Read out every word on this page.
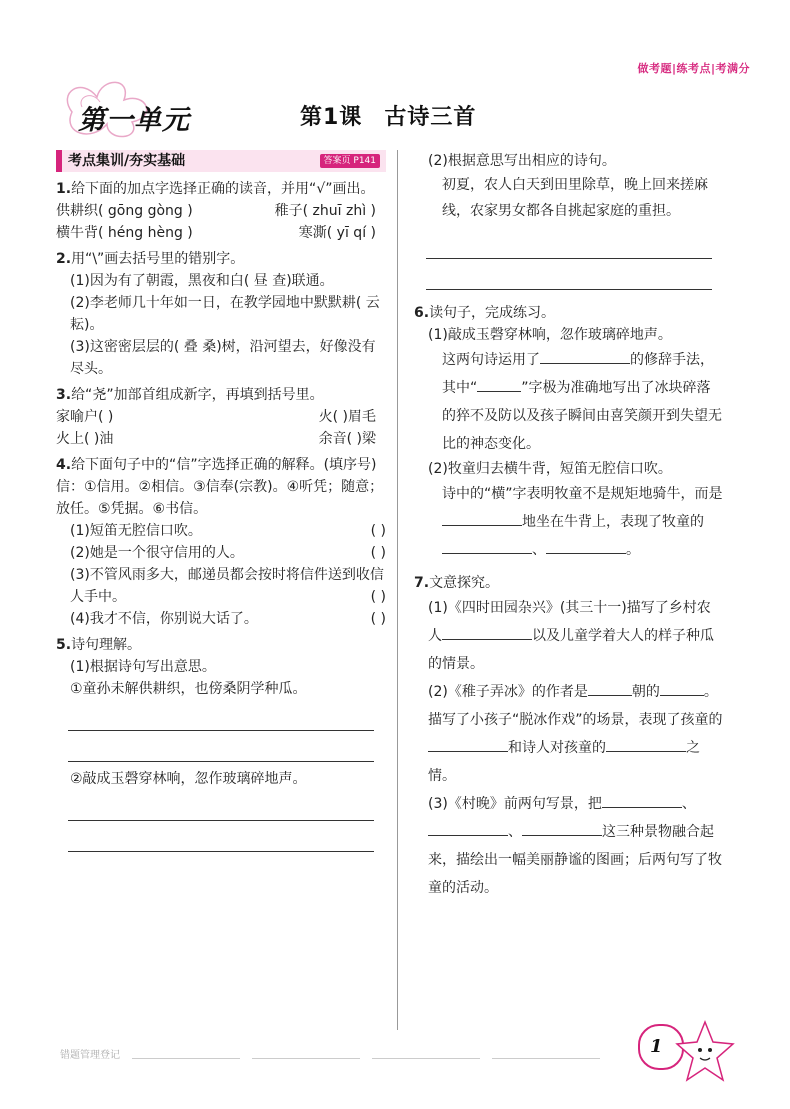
做考题|练考点|考满分
第一单元	第1课 古诗三首
考点集训/夯实基础	答案页 P141

1.给下面的加点字选择正确的读音，并用“√”画出。

供耕织( gōng gòng )	稚子( zhuī zhì )
横牛背( héng hèng )	寒澌( yī qí )

2.用“\”画去括号里的错别字。

(1)因为有了朝霞，黑夜和白( 昼 查)联通。

(2)李老师几十年如一日，在教学园地中默默耕( 云 耘)。

(3)这密密层层的( 叠 桑)树，沿河望去，好像没有尽头。

3.给“尧”加部首组成新字，再填到括号里。

家喻户( )	火( )眉毛
火上( )油	余音( )梁

4.给下面句子中的“信”字选择正确的解释。(填序号)

信：①信用。②相信。③信奉(宗教)。④听凭；随意；放任。⑤凭据。⑥书信。

(1)短笛无腔信口吹。	( )

(2)她是一个很守信用的人。	( )

(3)不管风雨多大，邮递员都会按时将信件送到收信人手中。	( )

(4)我才不信，你别说大话了。	( )

5.诗句理解。

(1)根据诗句写出意思。

①童孙未解供耕织，也傍桑阴学种瓜。

②敲成玉磬穿林响，忽作玻璃碎地声。

(2)根据意思写出相应的诗句。

初夏，农人白天到田里除草，晚上回来搓麻线，农家男女都各自挑起家庭的重担。

6.读句子，完成练习。

(1)敲成玉磬穿林响，忽作玻璃碎地声。

这两句诗运用了	的修辞手法，其中“	”字极为准确地写出了冰块碎落的猝不及防以及孩子瞬间由喜笑颜开到失望无比的神态变化。

(2)牧童归去横牛背，短笛无腔信口吹。

诗中的“横”字表明牧童不是规矩地骑牛，而是地坐在牛背上，表现了牧童的、	。

7.文意探究。

(1)《四时田园杂兴》(其三十一)描写了乡村农人	以及儿童学着大人的样子种瓜的情景。

(2)《稚子弄冰》的作者是	朝的	。描写了小孩子“脱冰作戏”的场景，表现了孩童的和诗人对孩童的	之情。

(3)《村晚》前两句写景，把	、、	这三种景物融合起来，描绘出一幅美丽静谧的图画；后两句写了牧童的活动。

错题管理登记	1
